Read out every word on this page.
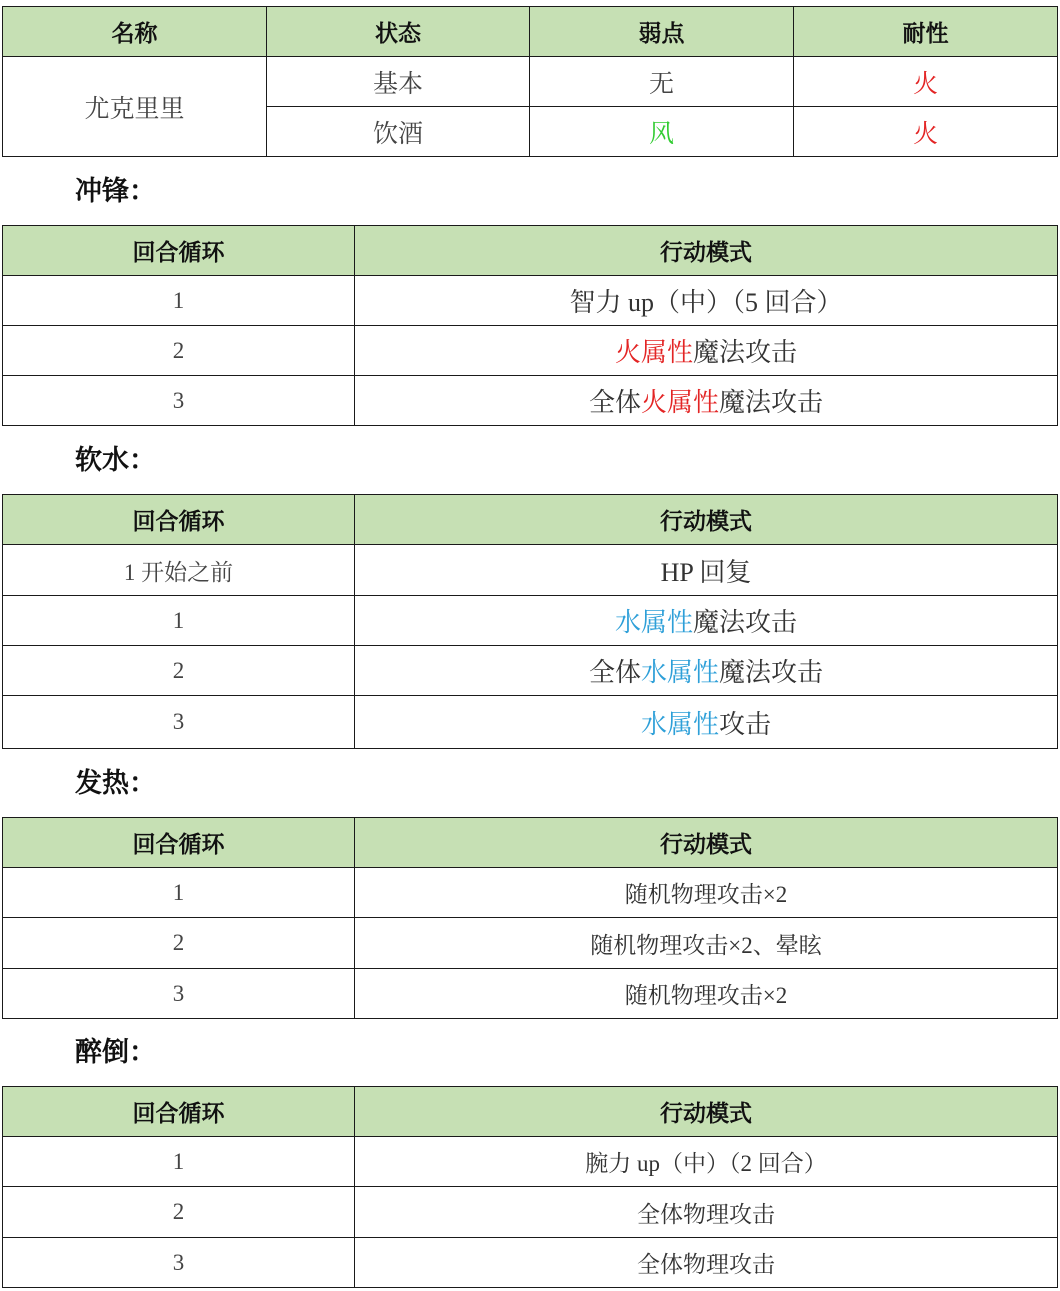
名称	状态	弱点	耐性
尤克里里	基本	无	火
	饮酒	风	火
冲锋：
回合循环	行动模式
1	智力 up（中）（5 回合）
2	火属性魔法攻击
3	全体火属性魔法攻击
软水：
回合循环	行动模式
1 开始之前	HP 回复
1	水属性魔法攻击
2	全体水属性魔法攻击
3	水属性攻击
发热：
回合循环	行动模式
1	随机物理攻击×2
2	随机物理攻击×2、晕眩
3	随机物理攻击×2
醉倒：
回合循环	行动模式
1	腕力 up（中）（2 回合）
2	全体物理攻击
3	全体物理攻击
